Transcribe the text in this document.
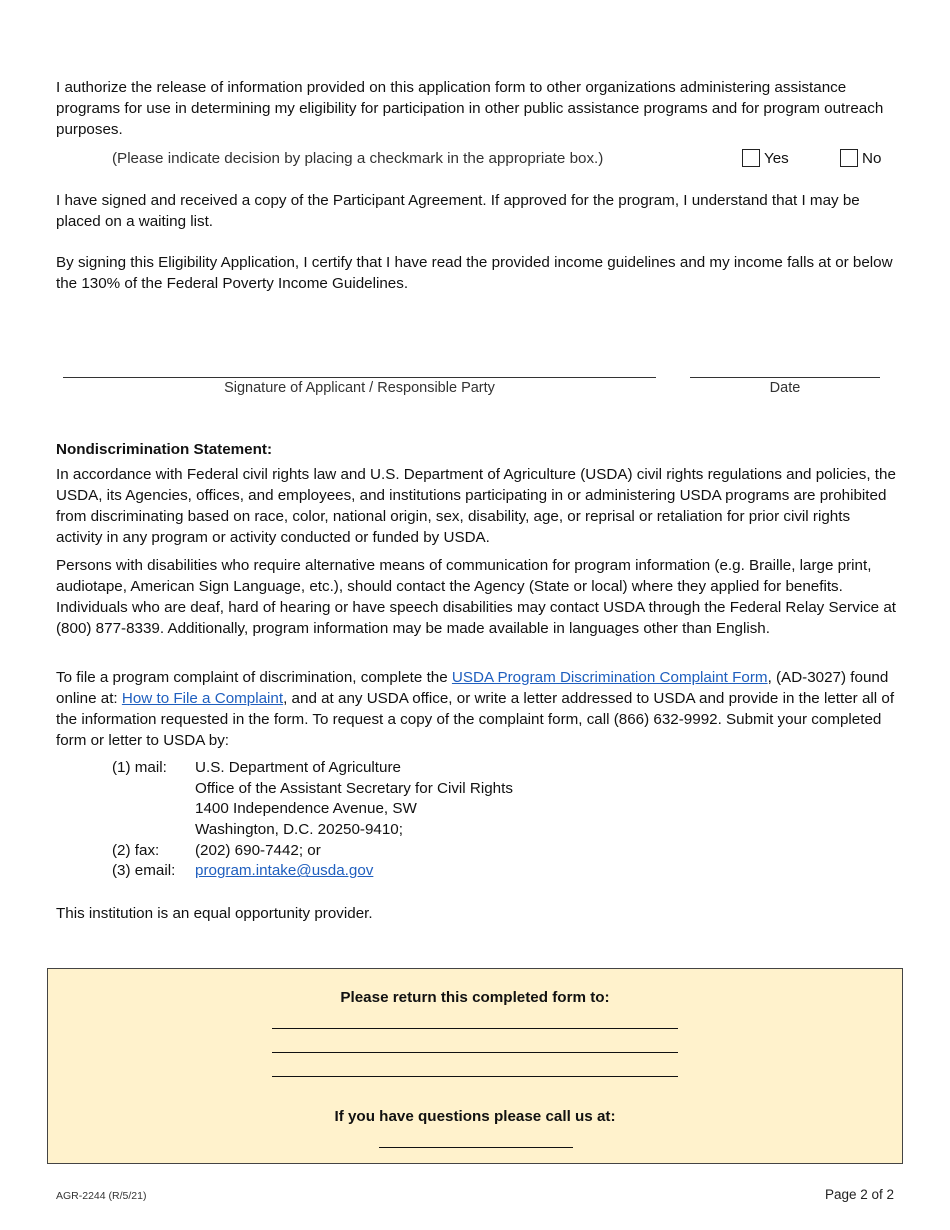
I authorize the release of information provided on this application form to other organizations administering assistance programs for use in determining my eligibility for participation in other public assistance programs and for program outreach purposes.

(Please indicate decision by placing a checkmark in the appropriate box.)	Yes	No

I have signed and received a copy of the Participant Agreement. If approved for the program, I understand that I may be placed on a waiting list.

By signing this Eligibility Application, I certify that I have read the provided income guidelines and my income falls at or below the 130% of the Federal Poverty Income Guidelines.

Signature of Applicant / Responsible Party	Date

Nondiscrimination Statement:

In accordance with Federal civil rights law and U.S. Department of Agriculture (USDA) civil rights regulations and policies, the USDA, its Agencies, offices, and employees, and institutions participating in or administering USDA programs are prohibited from discriminating based on race, color, national origin, sex, disability, age, or reprisal or retaliation for prior civil rights activity in any program or activity conducted or funded by USDA.

Persons with disabilities who require alternative means of communication for program information (e.g. Braille, large print, audiotape, American Sign Language, etc.), should contact the Agency (State or local) where they applied for benefits. Individuals who are deaf, hard of hearing or have speech disabilities may contact USDA through the Federal Relay Service at (800) 877-8339. Additionally, program information may be made available in languages other than English.

To file a program complaint of discrimination, complete the USDA Program Discrimination Complaint Form, (AD-3027) found online at: How to File a Complaint, and at any USDA office, or write a letter addressed to USDA and provide in the letter all of the information requested in the form. To request a copy of the complaint form, call (866) 632-9992. Submit your completed form or letter to USDA by:

(1) mail: U.S. Department of Agriculture
Office of the Assistant Secretary for Civil Rights
1400 Independence Avenue, SW
Washington, D.C. 20250-9410;
(2) fax: (202) 690-7442; or
(3) email: program.intake@usda.gov

This institution is an equal opportunity provider.

Please return this completed form to:
If you have questions please call us at:
AGR-2244 (R/5/21)	Page 2 of 2
